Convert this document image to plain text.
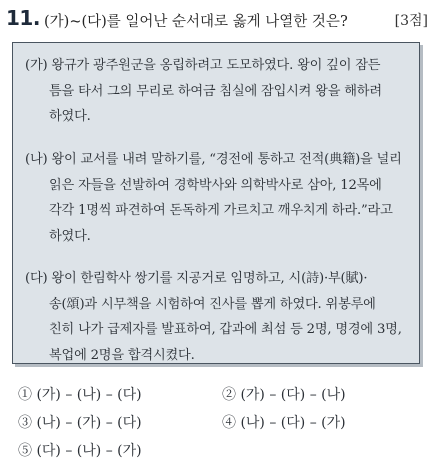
11. (가)~(다)를 일어난 순서대로 옳게 나열한 것은?	[3점]
(가) 왕규가 광주원군을 옹립하려고 도모하였다. 왕이 깊이 잠든
틈을 타서 그의 무리로 하여금 침실에 잠입시켜 왕을 해하려
하였다.
(나) 왕이 교서를 내려 말하기를, “경전에 통하고 전적(典籍)을 널리
읽은 자들을 선발하여 경학박사와 의학박사로 삼아, 12목에
각각 1명씩 파견하여 돈독하게 가르치고 깨우치게 하라.”라고
하였다.
(다) 왕이 한림학사 쌍기를 지공거로 임명하고, 시(詩)·부(賦)·
송(頌)과 시무책을 시험하여 진사를 뽑게 하였다. 위봉루에
친히 나가 급제자를 발표하여, 갑과에 최섬 등 2명, 명경에 3명,
복업에 2명을 합격시켰다.
① (가) – (나) – (다)	② (가) – (다) – (나)
③ (나) – (가) – (다)	④ (나) – (다) – (가)
⑤ (다) – (나) – (가)
